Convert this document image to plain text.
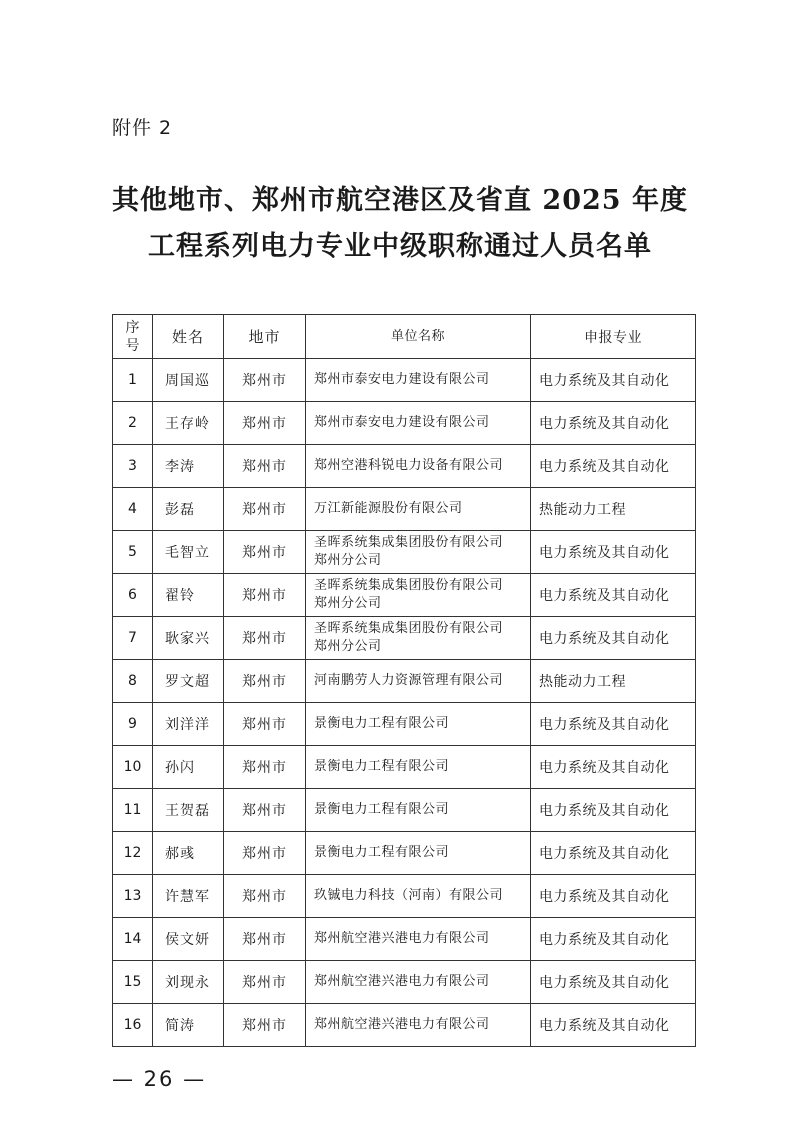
附件 2
其他地市、郑州市航空港区及省直 2025 年度
工程系列电力专业中级职称通过人员名单
序
号	姓名	地市	单位名称	申报专业
1	周国巡	郑州市	郑州市泰安电力建设有限公司	电力系统及其自动化
2	王存岭	郑州市	郑州市泰安电力建设有限公司	电力系统及其自动化
3	李涛	郑州市	郑州空港科锐电力设备有限公司	电力系统及其自动化
4	彭磊	郑州市	万江新能源股份有限公司	热能动力工程
5	毛智立	郑州市	圣晖系统集成集团股份有限公司
郑州分公司	电力系统及其自动化
6	翟铃	郑州市	圣晖系统集成集团股份有限公司
郑州分公司	电力系统及其自动化
7	耿家兴	郑州市	圣晖系统集成集团股份有限公司
郑州分公司	电力系统及其自动化
8	罗文超	郑州市	河南鹏劳人力资源管理有限公司	热能动力工程
9	刘洋洋	郑州市	景衡电力工程有限公司	电力系统及其自动化
10	孙闪	郑州市	景衡电力工程有限公司	电力系统及其自动化
11	王贺磊	郑州市	景衡电力工程有限公司	电力系统及其自动化
12	郝彧	郑州市	景衡电力工程有限公司	电力系统及其自动化
13	许慧军	郑州市	玖铖电力科技（河南）有限公司	电力系统及其自动化
14	侯文妍	郑州市	郑州航空港兴港电力有限公司	电力系统及其自动化
15	刘现永	郑州市	郑州航空港兴港电力有限公司	电力系统及其自动化
16	简涛	郑州市	郑州航空港兴港电力有限公司	电力系统及其自动化
— 26 —
